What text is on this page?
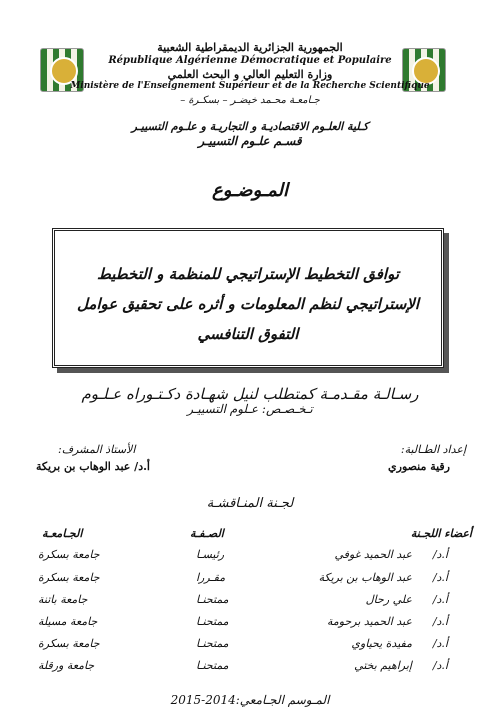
الجمهورية الجزائرية الديمقراطية الشعبية
République Algérienne Démocratique et Populaire
وزارة التعليم العالي و البحث العلمي
Ministère de l'Enseignement Supérieur et de la Recherche Scientifique
جـامعـة محـمد خيضـر – بسكـرة –
كـلية العلـوم الاقتصاديـة و التجاريـة و علـوم التسييـر
قسـم علـوم التسييـر
المـوضـوع
توافق التخطيط الإستراتيجي للمنظمة و التخطيط
الإستراتيجي لنظم المعلومات و أثره على تحقيق عوامل
التفوق التنافسي
رسـالـة مقـدمـة كمتطلب لنيل شهـادة دكـتـوراه عـلـوم
تـخـصـص: عـلوم التسييـر
إعداد الطـالبة:
رقية منصوري
الأستاذ المشرف:
أ.د/ عبد الوهاب بن بريكة
لجـنة المنـاقشـة
أعضاء اللجـنة
الصـفـة
الجـامعـة
أ.د/
عبد الحميد غوفي
رئيسـا
جامعة بسكرة
أ.د/
عبد الوهاب بن بريكة
مقـررا
جامعة بسكرة
أ.د/
علي رحال
ممتحنـا
جامعة باتنة
أ.د/
عبد الحميد برحومة
ممتحنـا
جامعة مسيلة
أ.د/
مفيدة يحياوي
ممتحنـا
جامعة بسكرة
أ.د/
إبراهيم بختي
ممتحنـا
جامعة ورقلة
المـوسم الجـامعي:2014-2015
